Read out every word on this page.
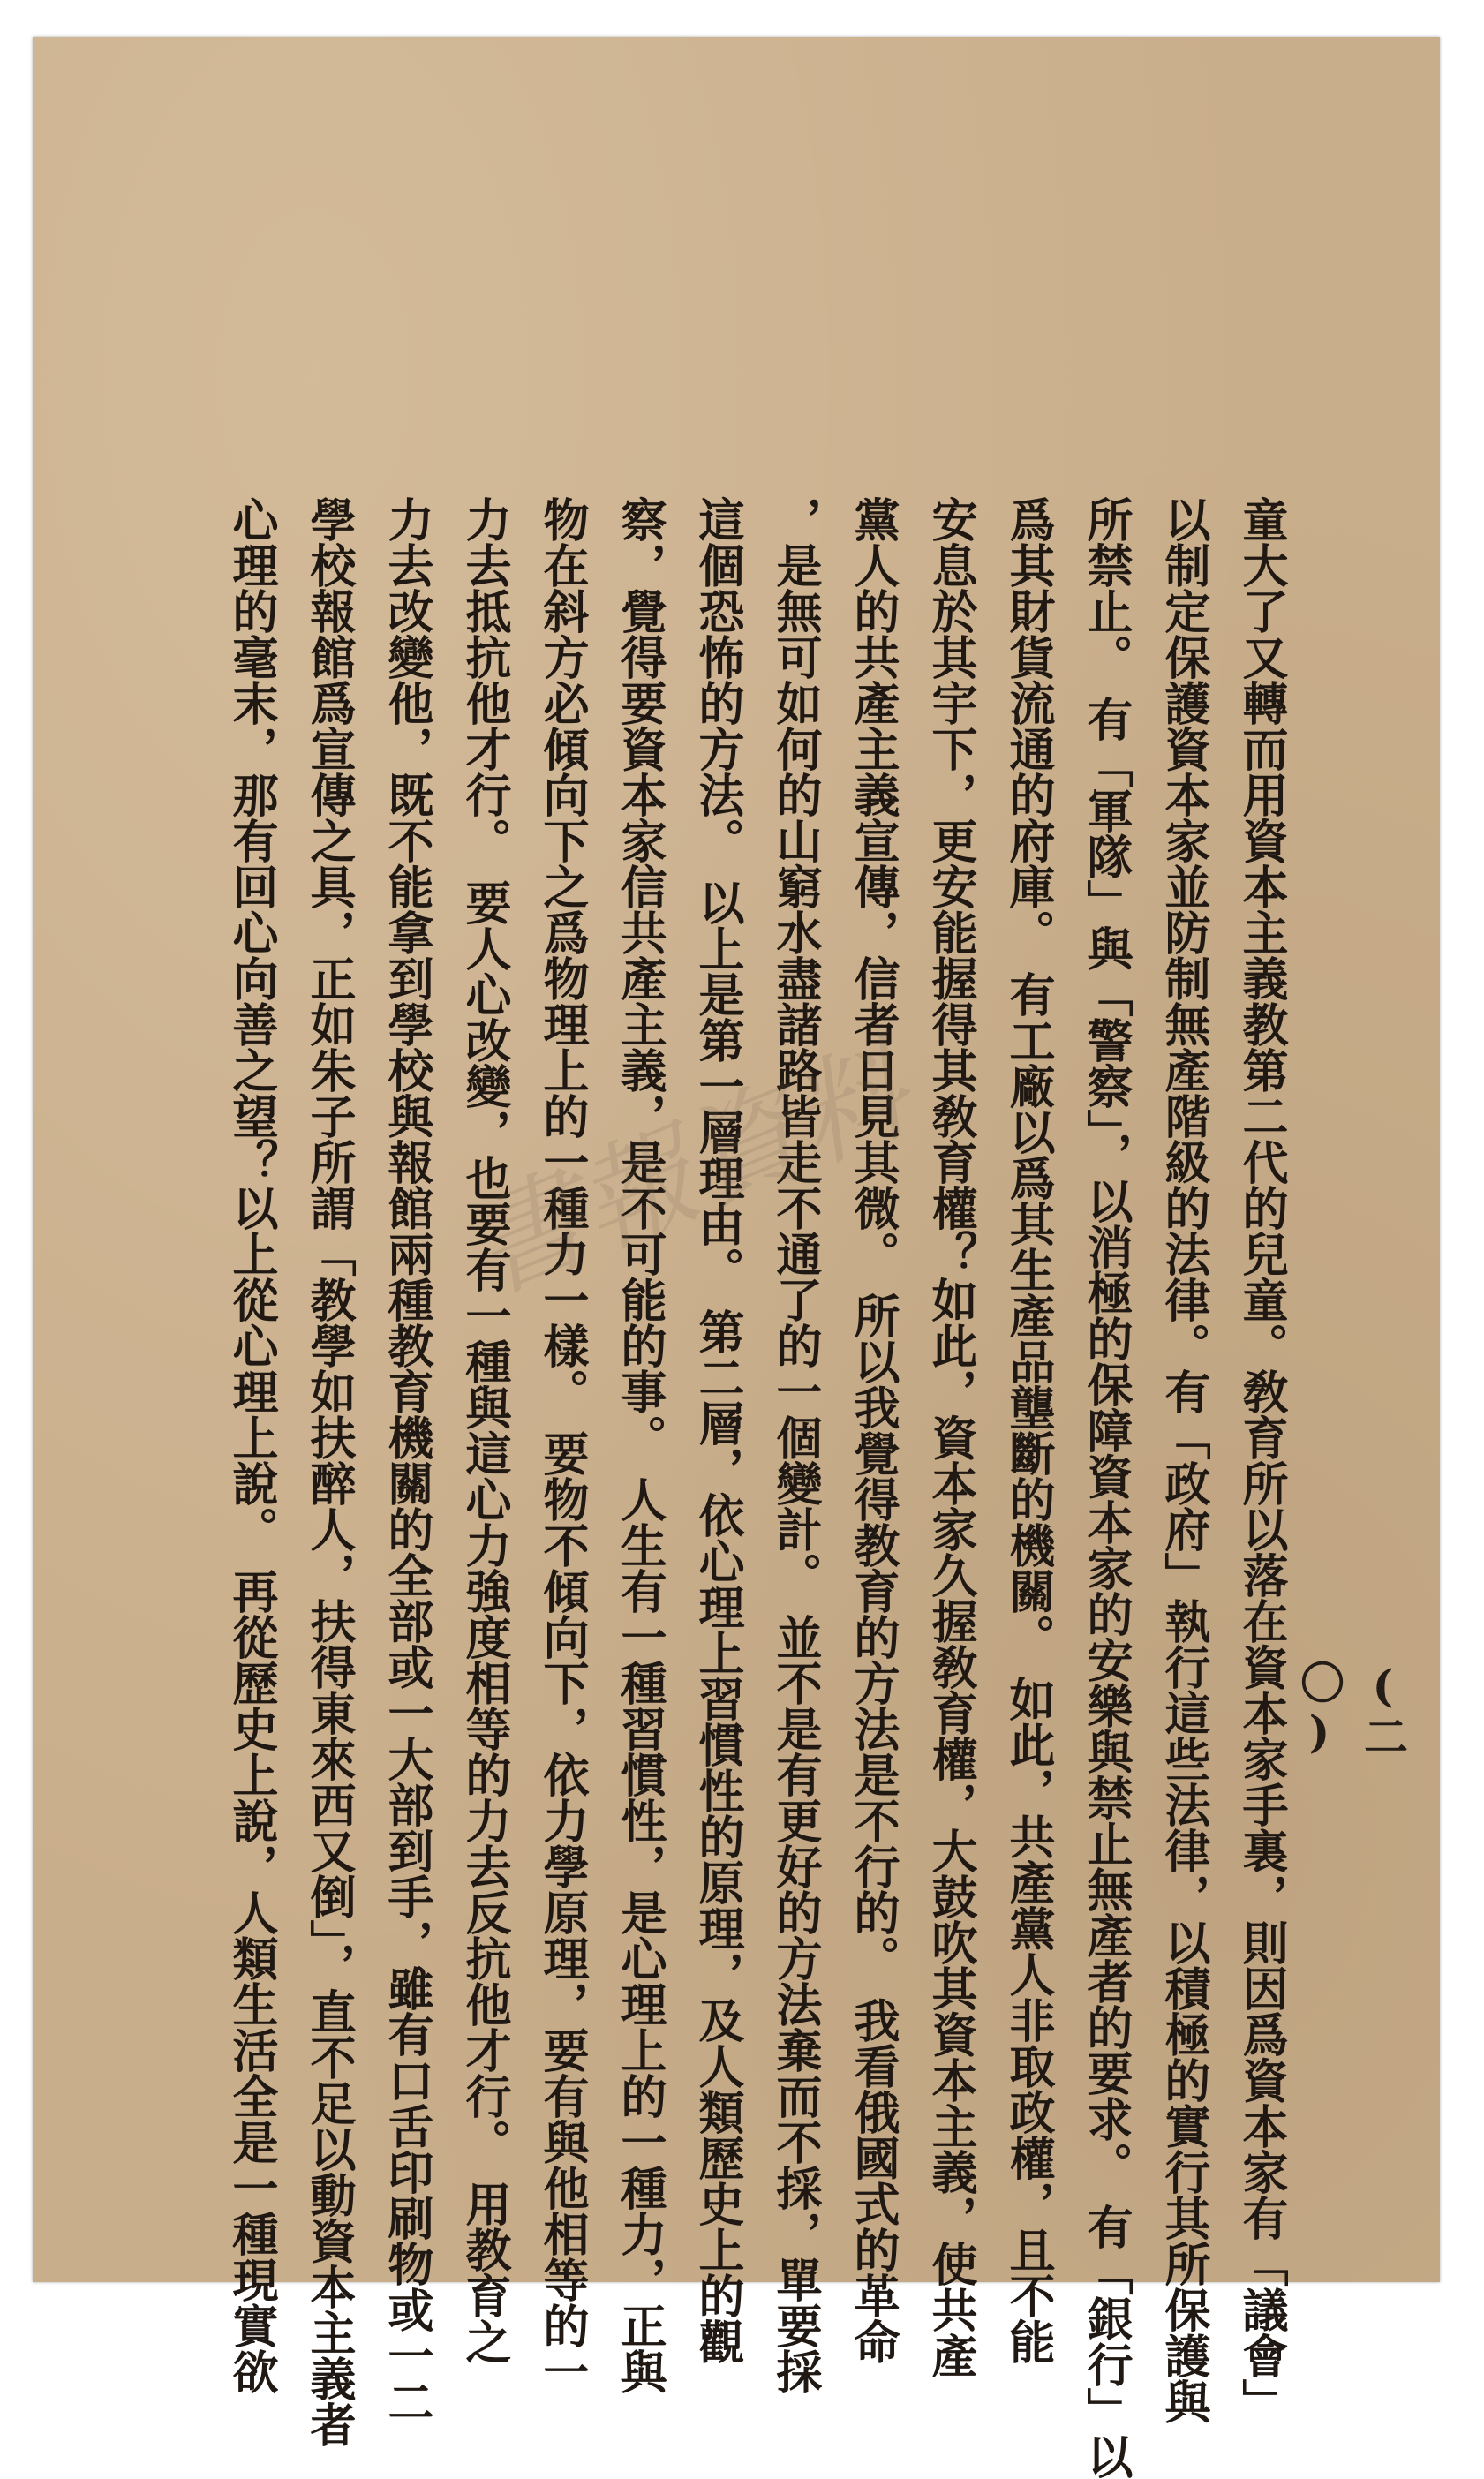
(二〇)
童大了又轉而用資本主義教第二代的兒童。敎育所以落在資本家手裏，則因爲資本家有「議會」
以制定保護資本家並防制無產階級的法律。有「政府」執行這些法律，以積極的實行其所保護與
所禁止。 有「軍隊」與「警察」，以消極的保障資本家的安樂與禁止無產者的要求。 有「銀行」以
爲其財貨流通的府庫。 有工廠以爲其生產品壟斷的機關。 如此，共產黨人非取政權，且不能
安息於其宇下，更安能握得其敎育權？如此，資本家久握敎育權，大鼓吹其資本主義，使共產
黨人的共產主義宣傳，信者日見其微。 所以我覺得教育的方法是不行的。 我看俄國式的革命
，是無可如何的山窮水盡諸路皆走不通了的一個變計。 並不是有更好的方法棄而不採，單要採
這個恐怖的方法。 以上是第一層理由。 第二層，依心理上習慣性的原理，及人類歷史上的觀
察，覺得要資本家信共產主義，是不可能的事。 人生有一種習慣性，是心理上的一種力，正與
物在斜方必傾向下之爲物理上的一種力一樣。 要物不傾向下，依力學原理，要有與他相等的一
力去抵抗他才行。 要人心改變，也要有一種與這心力強度相等的力去反抗他才行。 用教育之
力去改變他，既不能拿到學校與報館兩種教育機關的全部或一大部到手，雖有口舌印刷物或一二
學校報館爲宣傳之具，正如朱子所謂「教學如扶醉人，扶得東來西又倒」，直不足以動資本主義者
心理的毫末，那有回心向善之望？以上從心理上說。 再從歷史上說，人類生活全是一種現實欲 書報資料
